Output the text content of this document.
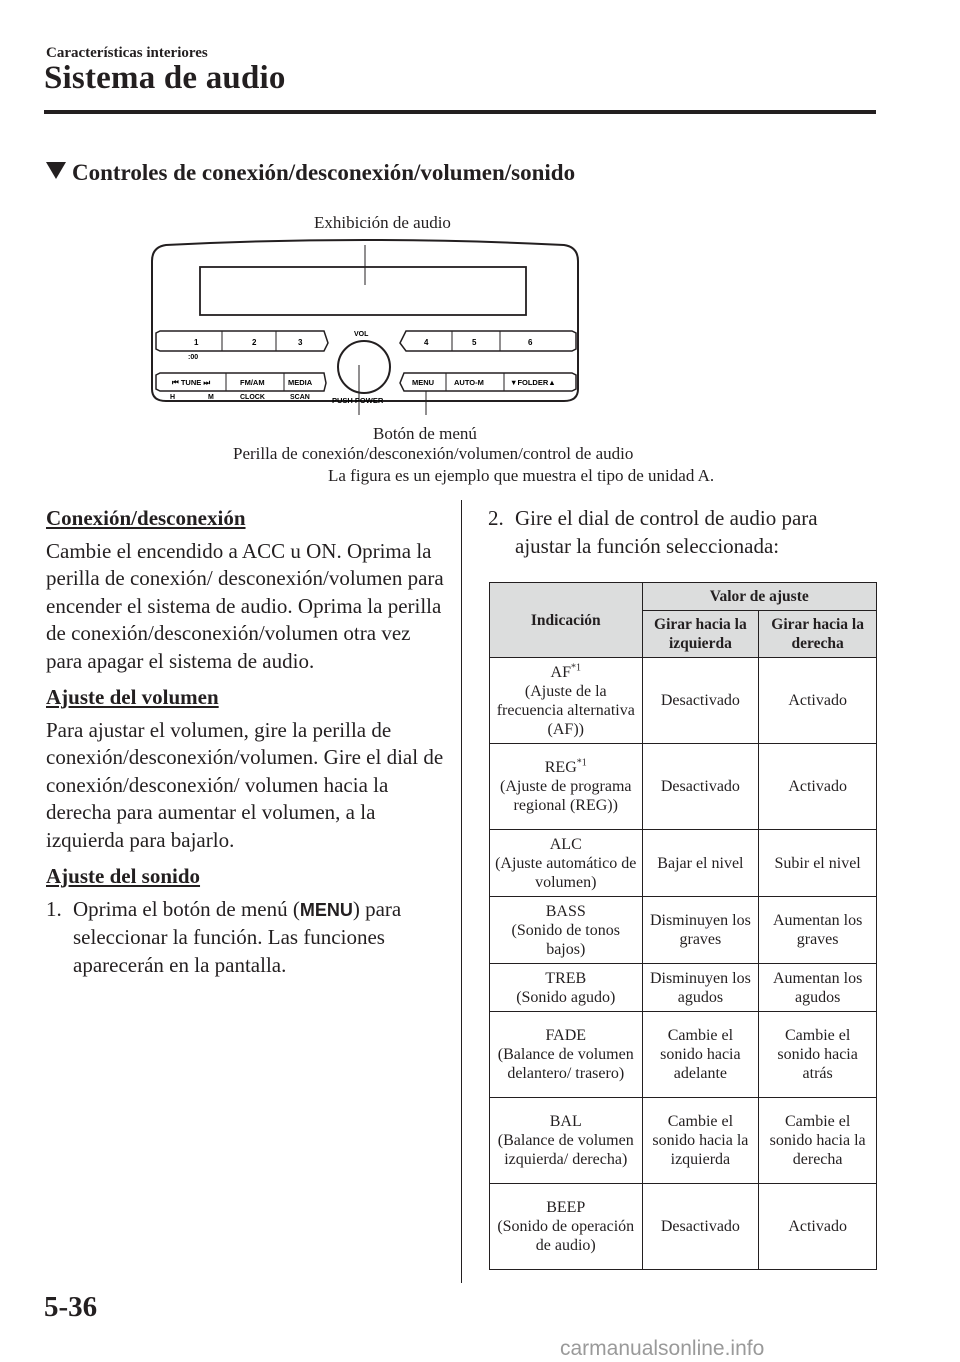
Características interiores
Sistema de audio
Controles de conexión/desconexión/volumen/sonido
1	2	3	4	5	6
:00
VOL
⏮ TUNE ⏭	FM/AM	MEDIA	MENU	AUTO-M	▼FOLDER▲
H	M	CLOCK	SCAN	PUSH POWER
Exhibición de audio
Botón de menú
Perilla de conexión/desconexión/volumen/control de audio
La figura es un ejemplo que muestra el tipo de unidad A.
Conexión/desconexión
Cambie el encendido a ACC u ON. Oprima la perilla de conexión/ desconexión/volumen para encender el sistema de audio. Oprima la perilla de conexión/desconexión/volumen otra vez para apagar el sistema de audio.
Ajuste del volumen
Para ajustar el volumen, gire la perilla de conexión/desconexión/volumen. Gire el dial de conexión/desconexión/ volumen hacia la derecha para aumentar el volumen, a la izquierda para bajarlo.
Ajuste del sonido
1. Oprima el botón de menú (MENU) para seleccionar la función. Las funciones aparecerán en la pantalla.
2. Gire el dial de control de audio para ajustar la función seleccionada:
Indicación	Valor de ajuste	
	Girar hacia la izquierda	Girar hacia la derecha
AF$^{*1}$
(Ajuste de la frecuencia alternativa (AF))	Desactivado	Activado
REG$^{*1}$
(Ajuste de programa regional (REG))	Desactivado	Activado
ALC
(Ajuste automático de volumen)	Bajar el nivel	Subir el nivel
BASS
(Sonido de tonos bajos)	Disminuyen los graves	Aumentan los graves
TREB
(Sonido agudo)	Disminuyen los agudos	Aumentan los agudos
FADE
(Balance de volumen delantero/ trasero)	Cambie el sonido hacia adelante	Cambie el sonido hacia atrás
BAL
(Balance de volumen izquierda/ derecha)	Cambie el sonido hacia la izquierda	Cambie el sonido hacia la derecha
BEEP
(Sonido de operación de audio)	Desactivado	Activado
5-36
carmanualsonline.info
